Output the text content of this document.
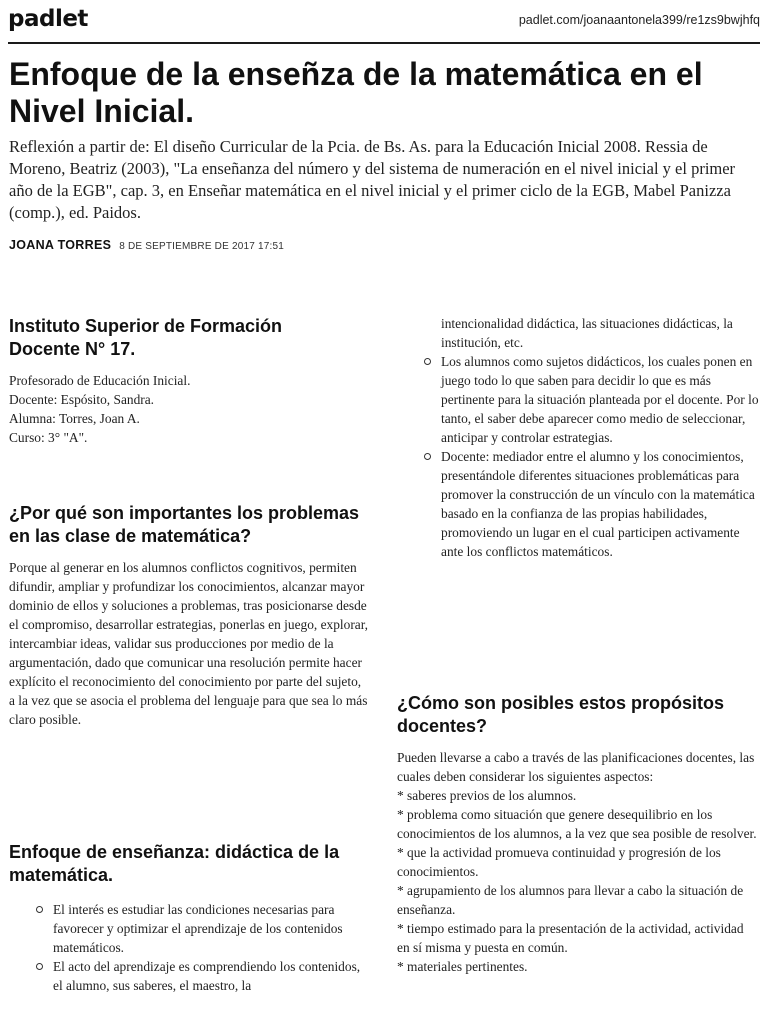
padlet	padlet.com/joanaantonela399/re1zs9bwjhfq
Enfoque de la enseñza de la matemática en el Nivel Inicial.

Reflexión a partir de: El diseño Curricular de la Pcia. de Bs. As. para la Educación Inicial 2008. Ressia de Moreno, Beatriz (2003), "La enseñanza del número y del sistema de numeración en el nivel inicial y el primer año de la EGB", cap. 3, en Enseñar matemática en el nivel inicial y el primer ciclo de la EGB, Mabel Panizza (comp.), ed. Paidos.

JOANA TORRES 8 DE SEPTIEMBRE DE 2017 17:51
Instituto Superior de Formación Docente N° 17.

Profesorado de Educación Inicial.

Docente: Espósito, Sandra.

Alumna: Torres, Joan A.

Curso: 3° "A".

¿Por qué son importantes los problemas en las clase de matemática?

Porque al generar en los alumnos conflictos cognitivos, permiten difundir, ampliar y profundizar los conocimientos, alcanzar mayor dominio de ellos y soluciones a problemas, tras posicionarse desde el compromiso, desarrollar estrategias, ponerlas en juego, explorar, intercambiar ideas, validar sus producciones por medio de la argumentación, dado que comunicar una resolución permite hacer explícito el reconocimiento del conocimiento por parte del sujeto, a la vez que se asocia el problema del lenguaje para que sea lo más claro posible.

Enfoque de enseñanza: didáctica de la matemática.
El interés es estudiar las condiciones necesarias para favorecer y optimizar el aprendizaje de los contenidos matemáticos.
El acto del aprendizaje es comprendiendo los contenidos, el alumno, sus saberes, el maestro, la
intencionalidad didáctica, las situaciones didácticas, la institución, etc.
Los alumnos como sujetos didácticos, los cuales ponen en juego todo lo que saben para decidir lo que es más pertinente para la situación planteada por el docente. Por lo tanto, el saber debe aparecer como medio de seleccionar, anticipar y controlar estrategias.
Docente: mediador entre el alumno y los conocimientos, presentándole diferentes situaciones problemáticas para promover la construcción de un vínculo con la matemática basado en la confianza de las propias habilidades, promoviendo un lugar en el cual participen activamente ante los conflictos matemáticos.
¿Cómo son posibles estos propósitos docentes?

Pueden llevarse a cabo a través de las planificaciones docentes, las cuales deben considerar los siguientes aspectos:

* saberes previos de los alumnos.

* problema como situación que genere desequilibrio en los conocimientos de los alumnos, a la vez que sea posible de resolver.

* que la actividad promueva continuidad y progresión de los conocimientos.

* agrupamiento de los alumnos para llevar a cabo la situación de enseñanza.

* tiempo estimado para la presentación de la actividad, actividad en sí misma y puesta en común.

* materiales pertinentes.
